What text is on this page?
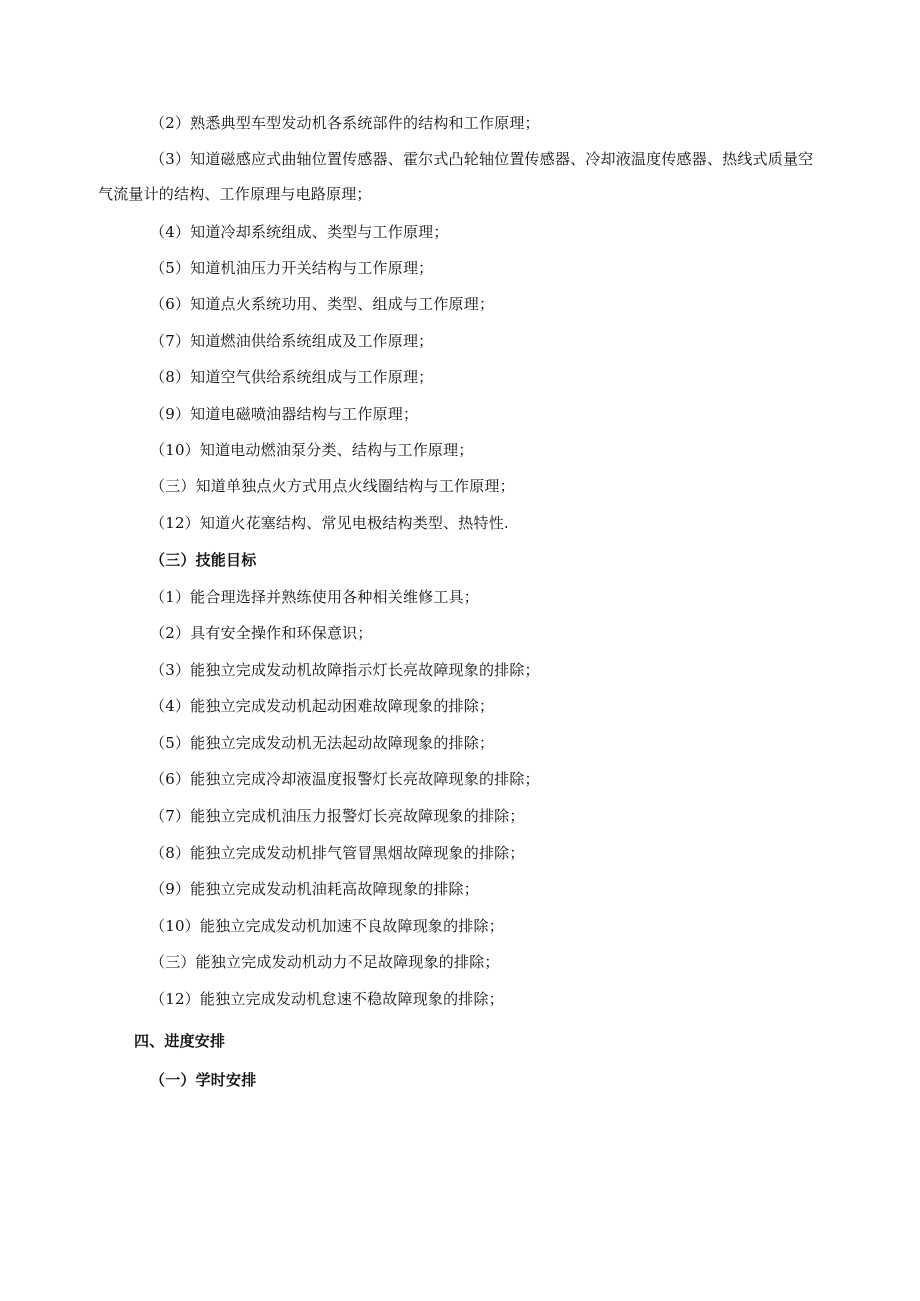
（2）熟悉典型车型发动机各系统部件的结构和工作原理；
（3）知道磁感应式曲轴位置传感器、霍尔式凸轮轴位置传感器、冷却液温度传感器、热线式质量空气流量计的结构、工作原理与电路原理；
（4）知道冷却系统组成、类型与工作原理；
（5）知道机油压力开关结构与工作原理；
（6）知道点火系统功用、类型、组成与工作原理；
（7）知道燃油供给系统组成及工作原理；
（8）知道空气供给系统组成与工作原理；
（9）知道电磁喷油器结构与工作原理；
（10）知道电动燃油泵分类、结构与工作原理；
（三）知道单独点火方式用点火线圈结构与工作原理；
（12）知道火花塞结构、常见电极结构类型、热特性.
（三）技能目标
（1）能合理选择并熟练使用各种相关维修工具；
（2）具有安全操作和环保意识；
（3）能独立完成发动机故障指示灯长亮故障现象的排除；
（4）能独立完成发动机起动困难故障现象的排除；
（5）能独立完成发动机无法起动故障现象的排除；
（6）能独立完成冷却液温度报警灯长亮故障现象的排除；
（7）能独立完成机油压力报警灯长亮故障现象的排除；
（8）能独立完成发动机排气管冒黑烟故障现象的排除；
（9）能独立完成发动机油耗高故障现象的排除；
（10）能独立完成发动机加速不良故障现象的排除；
（三）能独立完成发动机动力不足故障现象的排除；
（12）能独立完成发动机怠速不稳故障现象的排除；
四、进度安排
（一）学时安排
